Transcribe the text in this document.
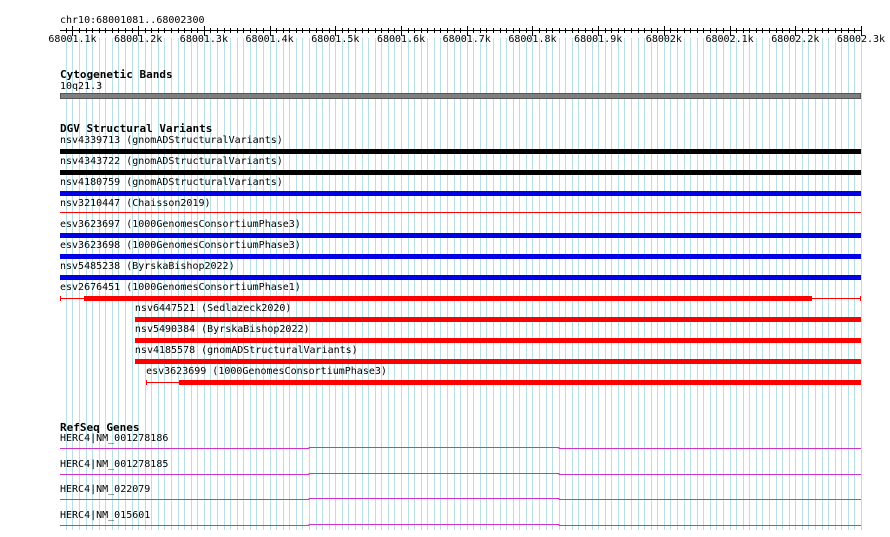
chr10:68001081..68002300
68001.1k 68001.2k 68001.3k 68001.4k 68001.5k 68001.6k 68001.7k 68001.8k 68001.9k 68002k 68002.1k 68002.2k 68002.3k
Cytogenetic Bands
10q21.3
DGV Structural Variants
nsv4339713 (gnomADStructuralVariants)
nsv4343722 (gnomADStructuralVariants)
nsv4180759 (gnomADStructuralVariants)
nsv3210447 (Chaisson2019)
esv3623697 (1000GenomesConsortiumPhase3)
esv3623698 (1000GenomesConsortiumPhase3)
nsv5485238 (ByrskaBishop2022)
esv2676451 (1000GenomesConsortiumPhase1)
nsv6447521 (Sedlazeck2020)
nsv5490384 (ByrskaBishop2022)
nsv4185578 (gnomADStructuralVariants)
esv3623699 (1000GenomesConsortiumPhase3)
RefSeq Genes
HERC4|NM_001278186
HERC4|NM_001278185
HERC4|NM_022079
HERC4|NM_015601
